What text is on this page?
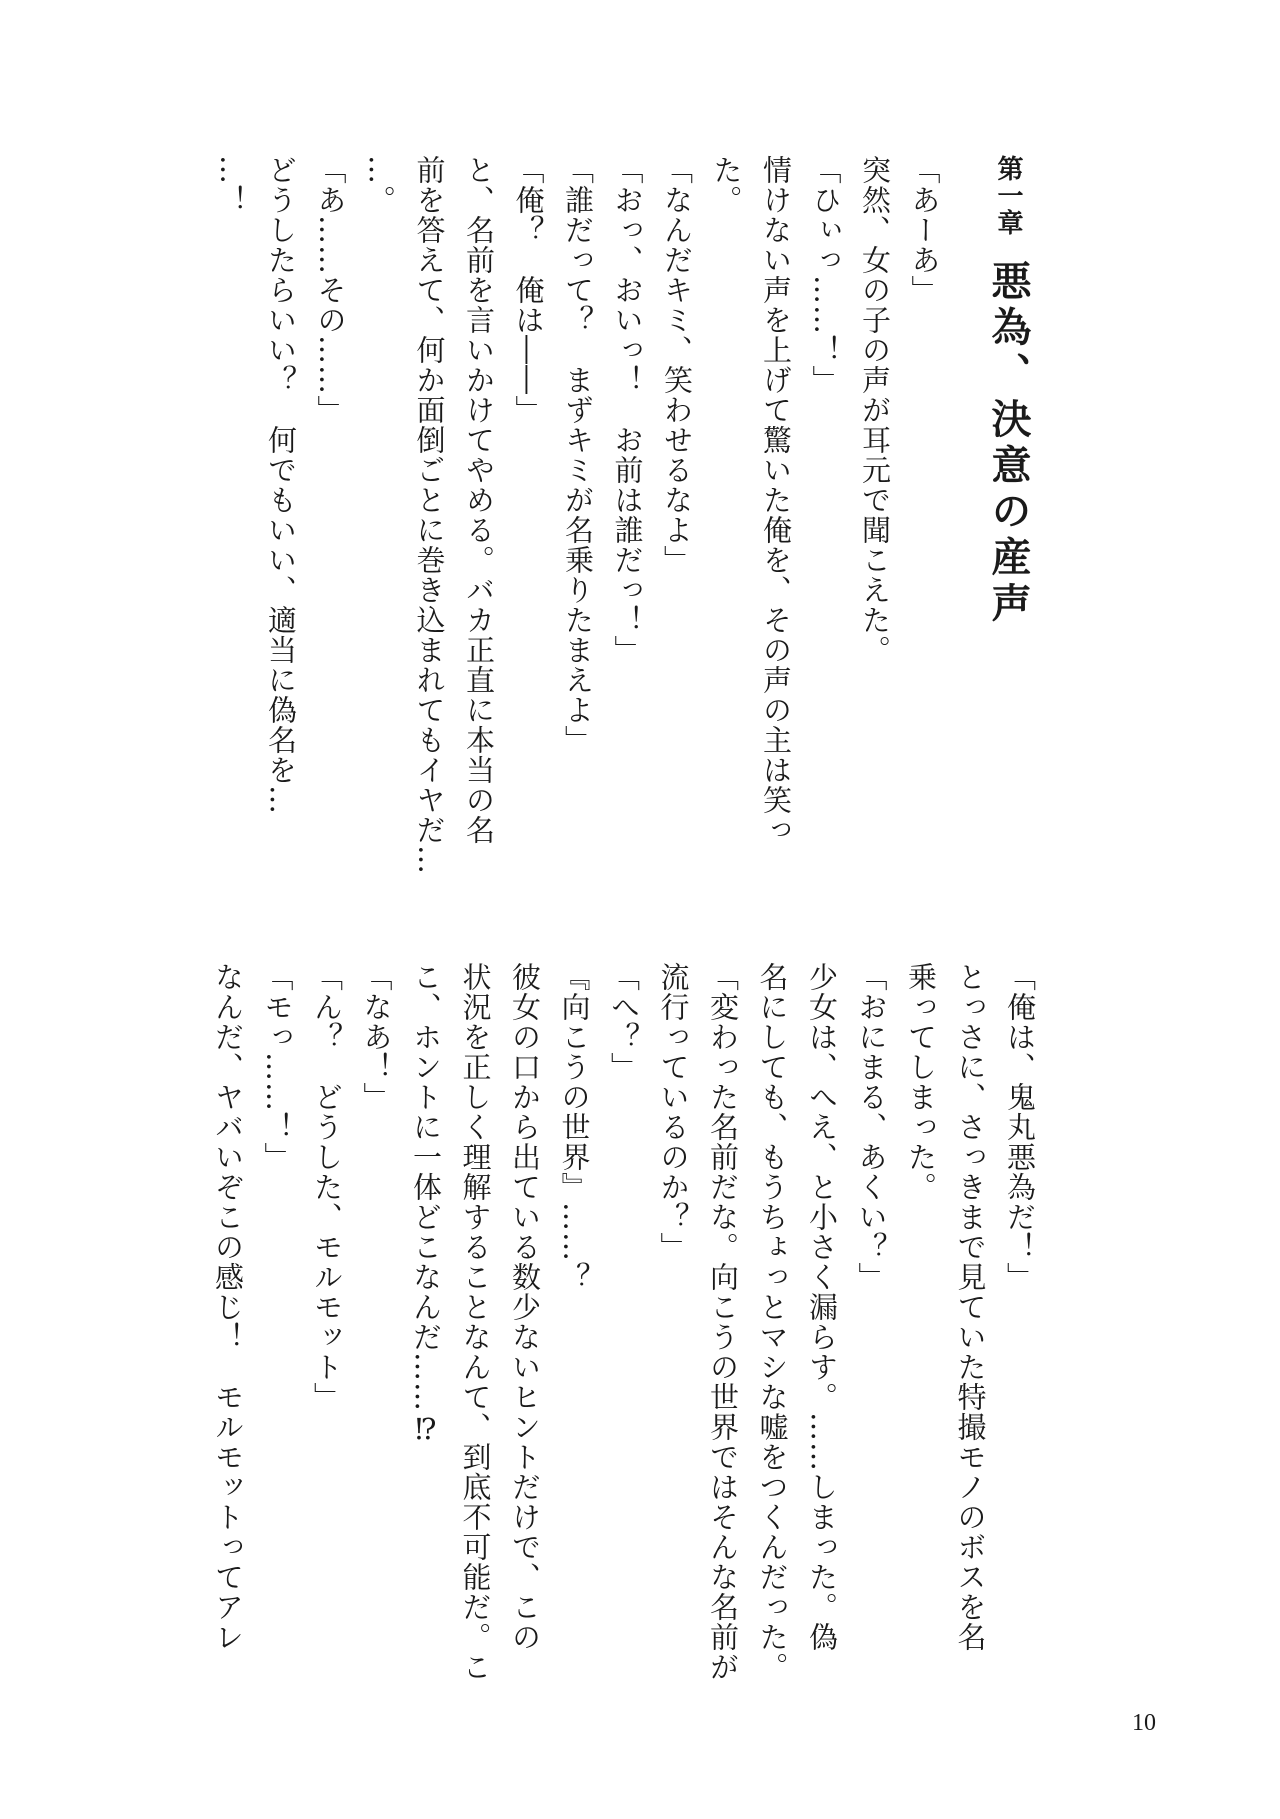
第一章悪為、決意の産声
「あーあ」
突然、女の子の声が耳元で聞こえた。
「ひぃっ……！」
情けない声を上げて驚いた俺を、その声の主は笑っ
た。
「なんだキミ、笑わせるなよ」
「おっ、おいっ！　お前は誰だっ！」
「誰だって？　まずキミが名乗りたまえよ」
「俺？　俺は――」
と、名前を言いかけてやめる。バカ正直に本当の名
前を答えて、何か面倒ごとに巻き込まれてもイヤだ…
…。
「あ……その……」
どうしたらいい？　何でもいい、適当に偽名を…
…！
「俺は、鬼丸悪為だ！」
とっさに、さっきまで見ていた特撮モノのボスを名
乗ってしまった。
「おにまる、あくい？」
少女は、へえ、と小さく漏らす。……しまった。偽
名にしても、もうちょっとマシな嘘をつくんだった。
「変わった名前だな。向こうの世界ではそんな名前が
流行っているのか？」
「へ？」
『向こうの世界』……？
彼女の口から出ている数少ないヒントだけで、この
状況を正しく理解することなんて、到底不可能だ。こ
こ、ホントに一体どこなんだ……⁉
「なあ！」
「ん？　どうした、モルモット」
「モっ……！」
なんだ、ヤバいぞこの感じ！　モルモットってアレ
10
